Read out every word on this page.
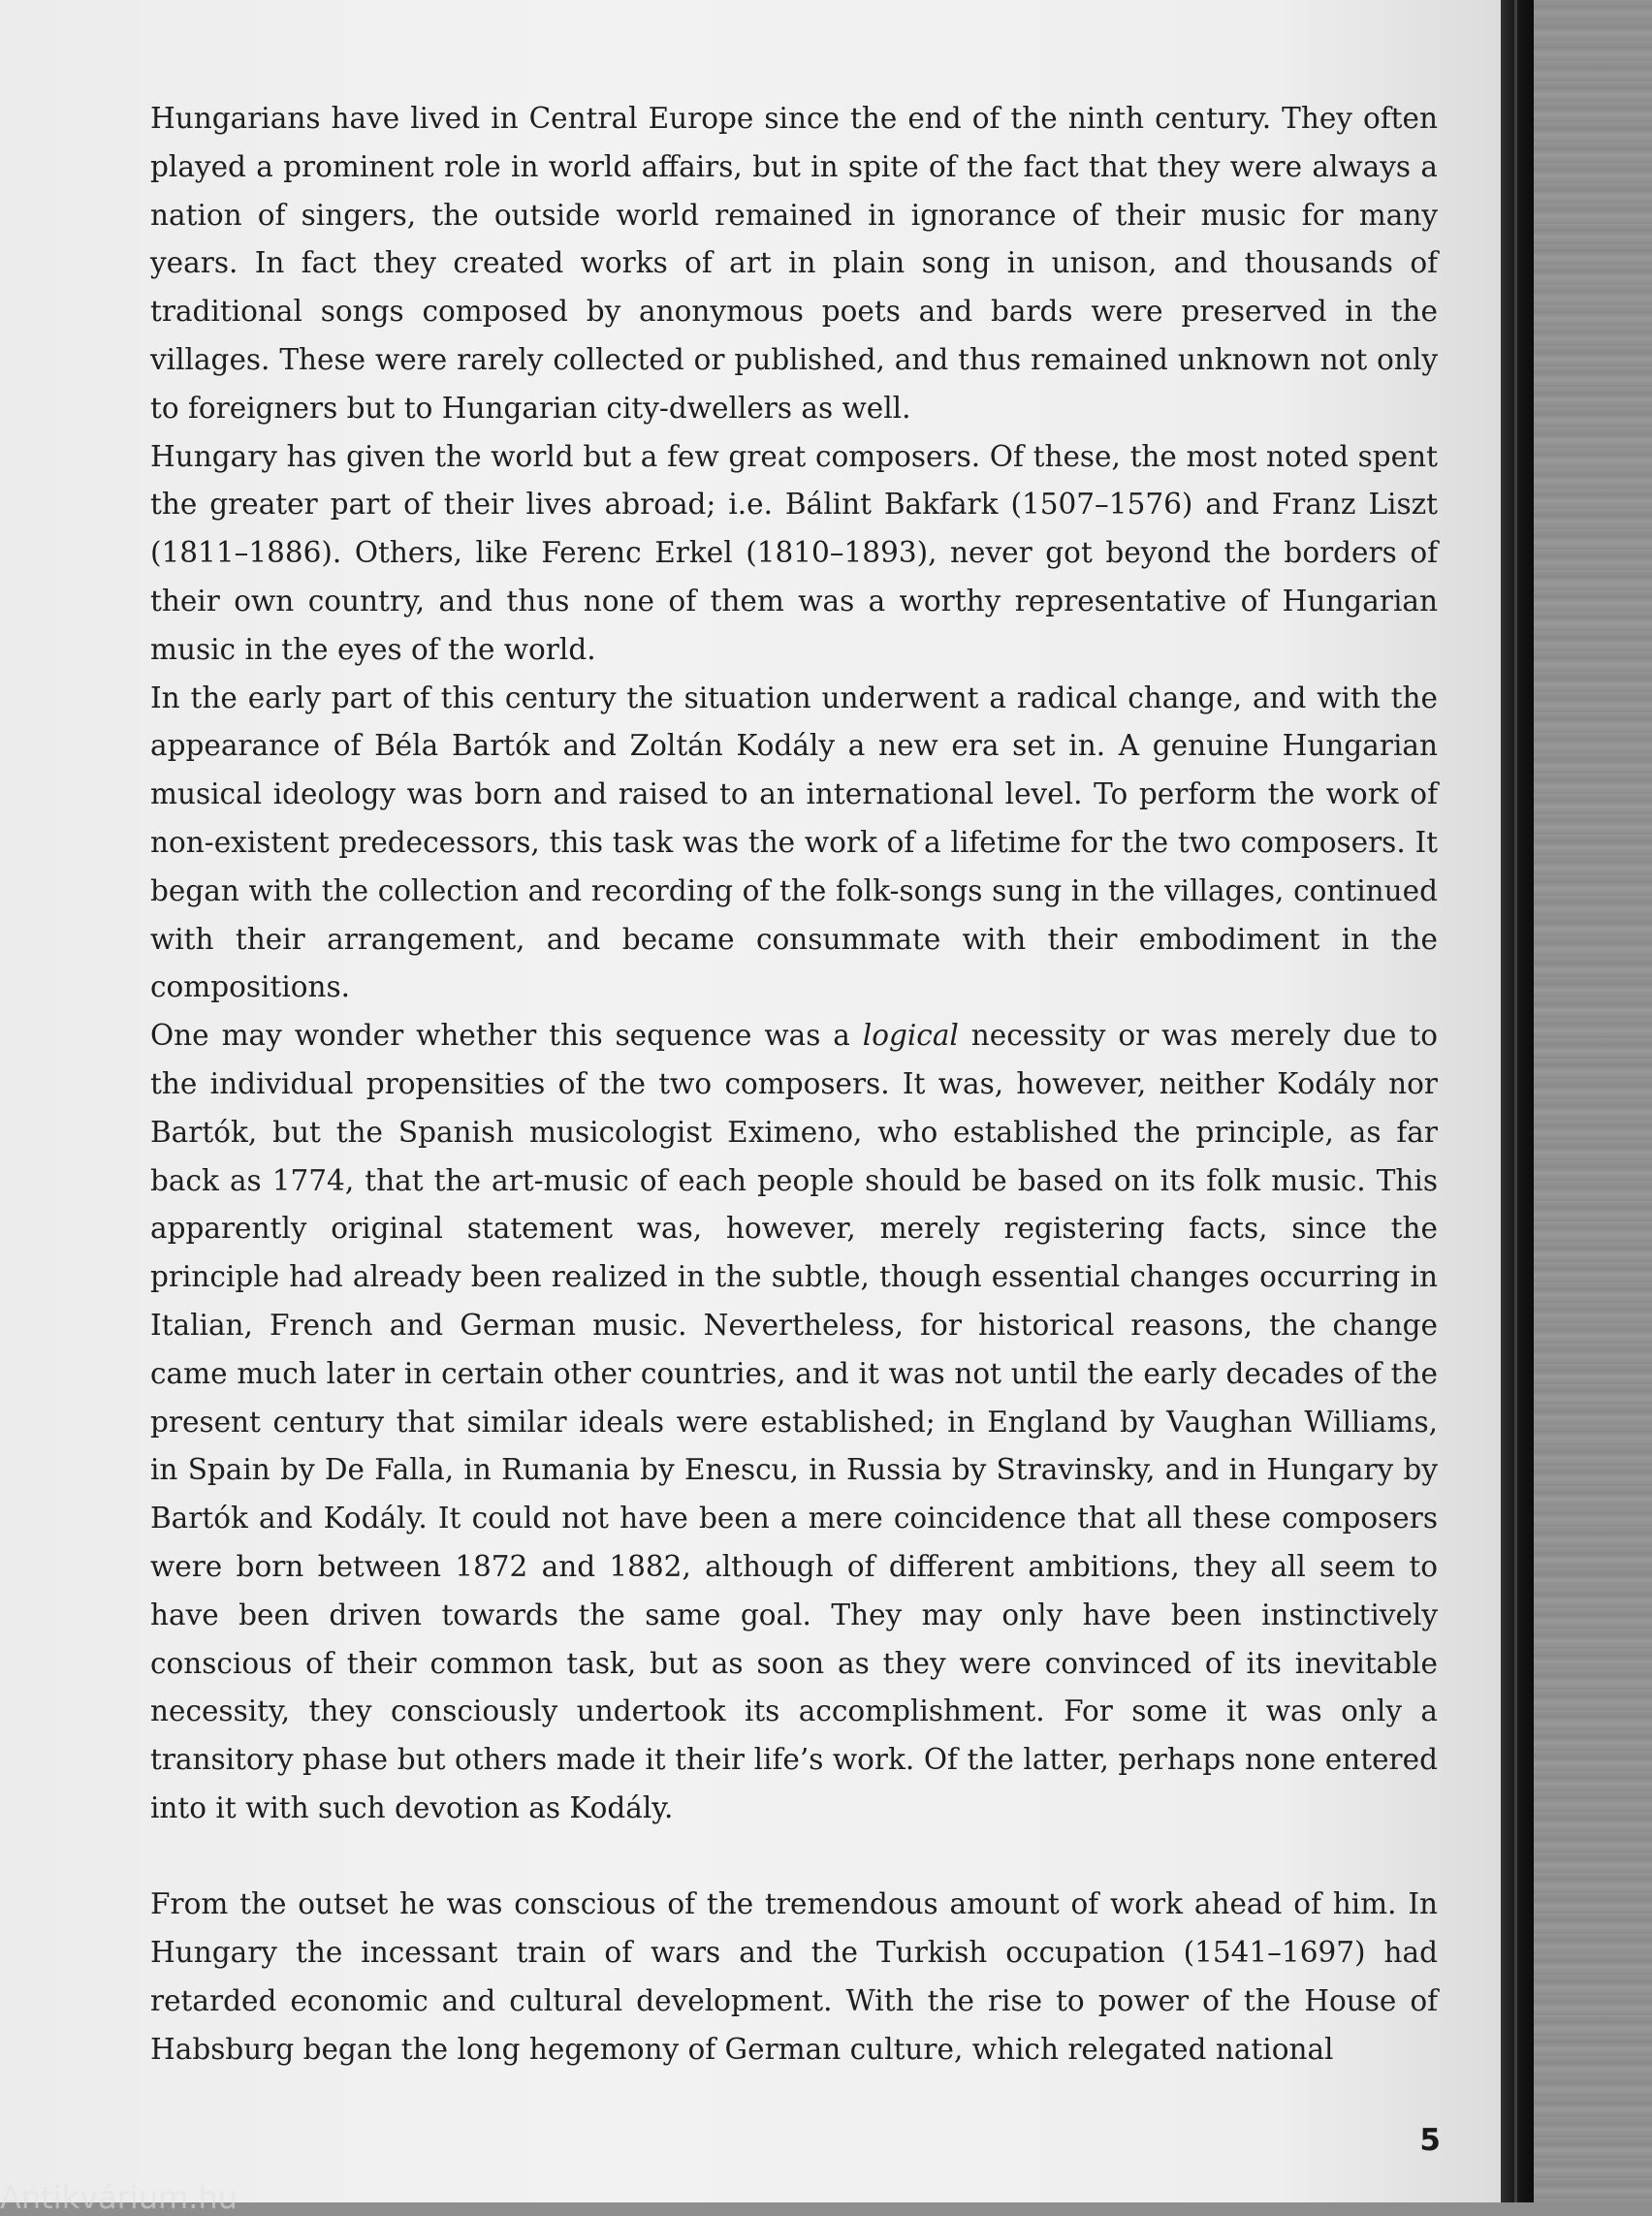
Hungarians have lived in Central Europe since the end of the ninth century. They often played a prominent role in world affairs, but in spite of the fact that they were always a nation of singers, the outside world remained in ignorance of their music for many years. In fact they created works of art in plain song in unison, and thousands of traditional songs composed by anonymous poets and bards were preserved in the villages. These were rarely collected or published, and thus remained unknown not only to foreigners but to Hungarian city-dwellers as well.

Hungary has given the world but a few great composers. Of these, the most noted spent the greater part of their lives abroad; i.e. Bálint Bakfark (1507–1576) and Franz Liszt (1811–1886). Others, like Ferenc Erkel (1810–1893), never got beyond the borders of their own country, and thus none of them was a worthy representative of Hungarian music in the eyes of the world.

In the early part of this century the situation underwent a radical change, and with the appearance of Béla Bartók and Zoltán Kodály a new era set in. A genuine Hungarian musical ideology was born and raised to an international level. To perform the work of non-existent predecessors, this task was the work of a lifetime for the two composers. It began with the collection and recording of the folk-songs sung in the villages, continued with their arrangement, and became consummate with their embodiment in the compositions.

One may wonder whether this sequence was a logical necessity or was merely due to the individual propensities of the two composers. It was, however, neither Kodály nor Bartók, but the Spanish musicologist Eximeno, who established the principle, as far back as 1774, that the art-music of each people should be based on its folk music. This apparently original statement was, however, merely registering facts, since the principle had already been realized in the subtle, though essential changes occurring in Italian, French and German music. Nevertheless, for historical reasons, the change came much later in certain other countries, and it was not until the early decades of the present century that similar ideals were established; in England by Vaughan Williams, in Spain by De Falla, in Rumania by Enescu, in Russia by Stravinsky, and in Hungary by Bartók and Kodály. It could not have been a mere coincidence that all these composers were born between 1872 and 1882, although of different ambitions, they all seem to have been driven towards the same goal. They may only have been instinctively conscious of their common task, but as soon as they were convinced of its inevitable necessity, they consciously undertook its accomplishment. For some it was only a transitory phase but others made it their life’s work. Of the latter, perhaps none entered into it with such devotion as Kodály.

From the outset he was conscious of the tremendous amount of work ahead of him. In Hungary the incessant train of wars and the Turkish occupation (1541–1697) had retarded economic and cultural development. With the rise to power of the House of Habsburg began the long hegemony of German culture, which relegated national

5
Antikvárium.hu
